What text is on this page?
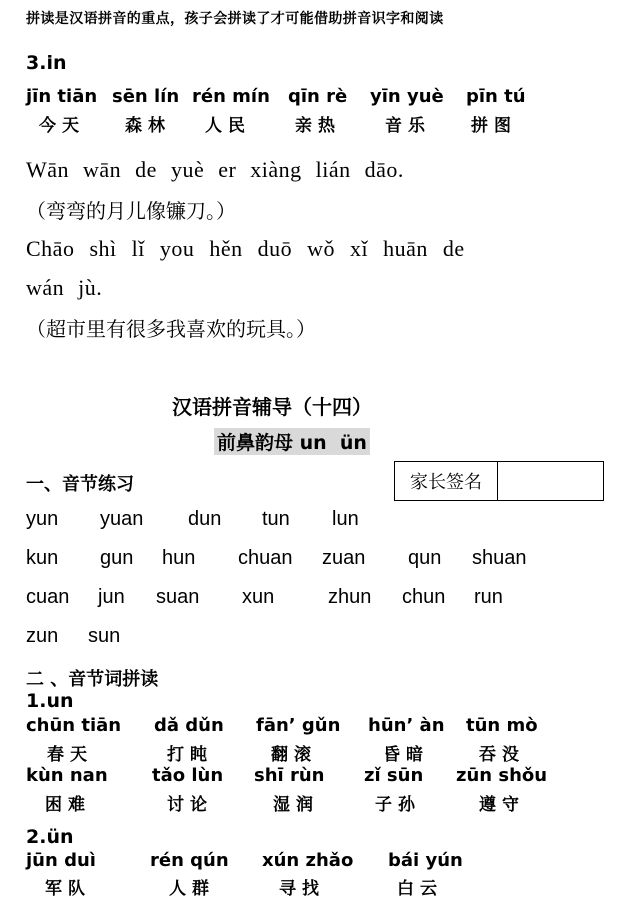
拼读是汉语拼音的重点，孩子会拼读了才可能借助拼音识字和阅读
3.in
jīn tiān
今 天
sēn lín
森 林
rén mín
人 民
qīn rè
亲 热
yīn yuè
音 乐
pīn tú
拼 图
Wān wān de yuè er xiàng lián dāo.
（弯弯的月儿像镰刀。）
Chāo shì lǐ you hěn duō wǒ xǐ huān de
wán jù.
（超市里有很多我喜欢的玩具。）
汉语拼音辅导（十四）
前鼻韵母 un  ün
一、音节练习	家长签名
yun yuan dun tun lun
kun gun hun chuan zuan qun shuan
cuan jun suan xun	zhun chun run
zun sun
二 、音节词拼读
1.un
chūn tiān
春 天
dǎ dǔn
打 盹
fān’ gǔn
翻 滚
hūn’ àn
昏 暗
tūn mò
吞 没
kùn nan
困 难
tǎo lùn
讨 论
shī rùn
湿 润
zǐ sūn
子 孙
zūn shǒu
遵 守
2.ün
jūn duì
军 队
rén qún
人 群
xún zhǎo
寻 找
bái yún
白 云
